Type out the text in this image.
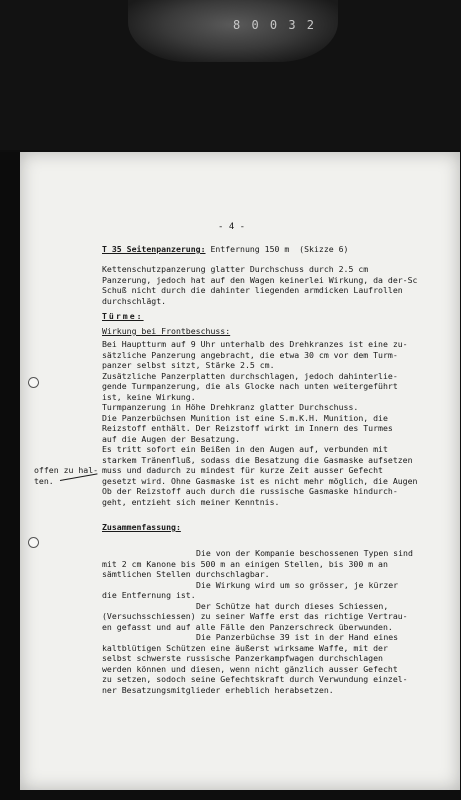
8 0 0 3 2
- 4 -
T 35 Seitenpanzerung: Entfernung 150 m  (Skizze 6)
Kettenschutzpanzerung glatter Durchschuss durch 2.5 cm
Panzerung, jedoch hat auf den Wagen keinerlei Wirkung, da der-Sc
Schuß nicht durch die dahinter liegenden armdicken Laufrollen
durchschlägt.
Türme:
Wirkung bei Frontbeschuss:
Bei Hauptturm auf 9 Uhr unterhalb des Drehkranzes ist eine zu-
sätzliche Panzerung angebracht, die etwa 30 cm vor dem Turm-
panzer selbst sitzt, Stärke 2.5 cm.
Zusätzliche Panzerplatten durchschlagen, jedoch dahinterlie-
gende Turmpanzerung, die als Glocke nach unten weitergeführt
ist, keine Wirkung.
Turmpanzerung in Höhe Drehkranz glatter Durchschuss.
Die Panzerbüchsen Munition ist eine S.m.K.H. Munition, die
Reizstoff enthält. Der Reizstoff wirkt im Innern des Turmes
auf die Augen der Besatzung.
Es tritt sofort ein Beißen in den Augen auf, verbunden mit
starkem Tränenfluß, sodass die Besatzung die Gasmaske aufsetzen
muss und dadurch zu mindest für kurze Zeit ausser Gefecht
gesetzt wird. Ohne Gasmaske ist es nicht mehr möglich, die Augen
Ob der Reizstoff auch durch die russische Gasmaske hindurch-
geht, entzieht sich meiner Kenntnis.
offen zu hal-
ten.
Zusammenfassung:
Die von der Kompanie beschossenen Typen sind
mit 2 cm Kanone bis 500 m an einigen Stellen, bis 300 m an
sämtlichen Stellen durchschlagbar.
Die Wirkung wird um so grösser, je kürzer
die Entfernung ist.
Der Schütze hat durch dieses Schiessen,
(Versuchsschiessen) zu seiner Waffe erst das richtige Vertrau-
en gefasst und auf alle Fälle den Panzerschreck überwunden.
Die Panzerbüchse 39 ist in der Hand eines
kaltblütigen Schützen eine äußerst wirksame Waffe, mit der
selbst schwerste russische Panzerkampfwagen durchschlagen
werden können und diesen, wenn nicht gänzlich ausser Gefecht
zu setzen, sodoch seine Gefechtskraft durch Verwundung einzel-
ner Besatzungsmitglieder erheblich herabsetzen.
